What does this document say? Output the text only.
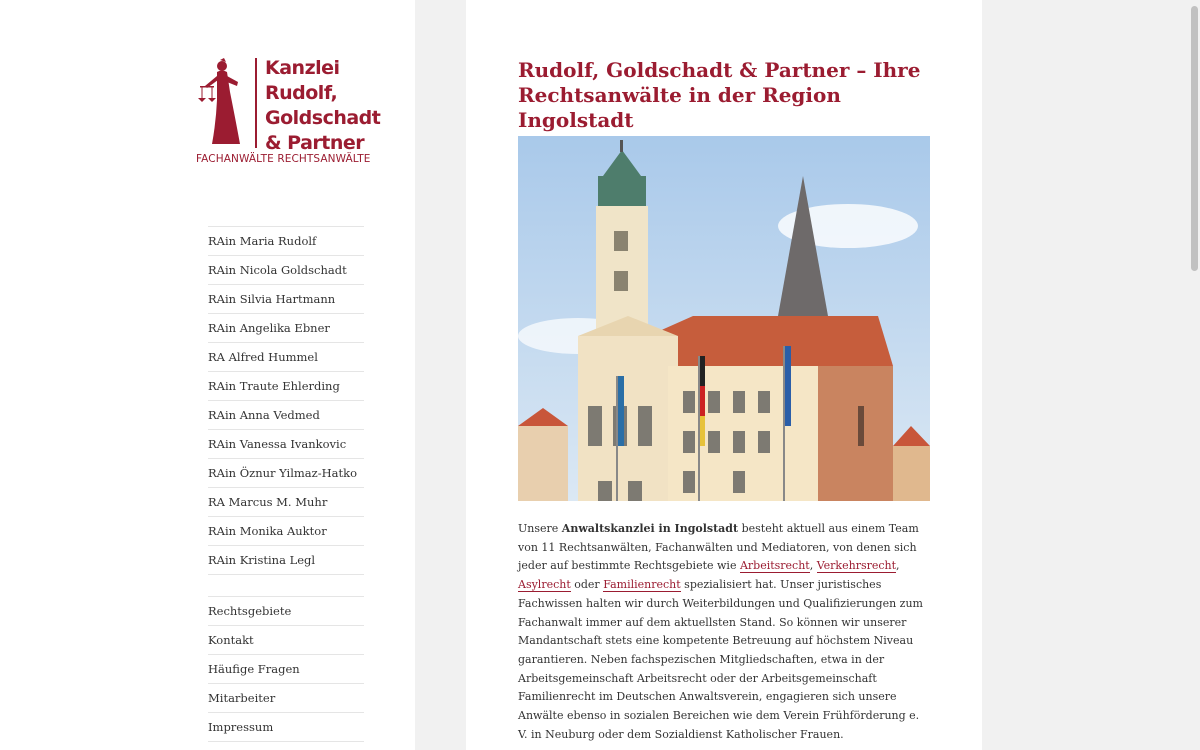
Kanzlei
Rudolf,
Goldschadt
& Partner
FACHANWÄLTE RECHTSANWÄLTE
RAin Maria Rudolf
RAin Nicola Goldschadt
RAin Silvia Hartmann
RAin Angelika Ebner
RA Alfred Hummel
RAin Traute Ehlerding
RAin Anna Vedmed
RAin Vanessa Ivankovic
RAin Öznur Yilmaz-Hatko
RA Marcus M. Muhr
RAin Monika Auktor
RAin Kristina Legl
Rechtsgebiete
Kontakt
Häufige Fragen
Mitarbeiter
Impressum
Rudolf, Goldschadt & Partner – Ihre Rechtsanwälte in der Region Ingolstadt

Unsere Anwaltskanzlei in Ingolstadt besteht aktuell aus einem Team von 11 Rechtsanwälten, Fachanwälten und Mediatoren, von denen sich jeder auf bestimmte Rechtsgebiete wie Arbeitsrecht, Verkehrsrecht, Asylrecht oder Familienrecht spezialisiert hat. Unser juristisches Fachwissen halten wir durch Weiterbildungen und Qualifizierungen zum Fachanwalt immer auf dem aktuellsten Stand. So können wir unserer Mandantschaft stets eine kompetente Betreuung auf höchstem Niveau garantieren. Neben fachspezischen Mitgliedschaften, etwa in der Arbeitsgemeinschaft Arbeitsrecht oder der Arbeitsgemeinschaft Familienrecht im Deutschen Anwaltsverein, engagieren sich unsere Anwälte ebenso in sozialen Bereichen wie dem Verein Frühförderung e. V. in Neuburg oder dem Sozialdienst Katholischer Frauen.
